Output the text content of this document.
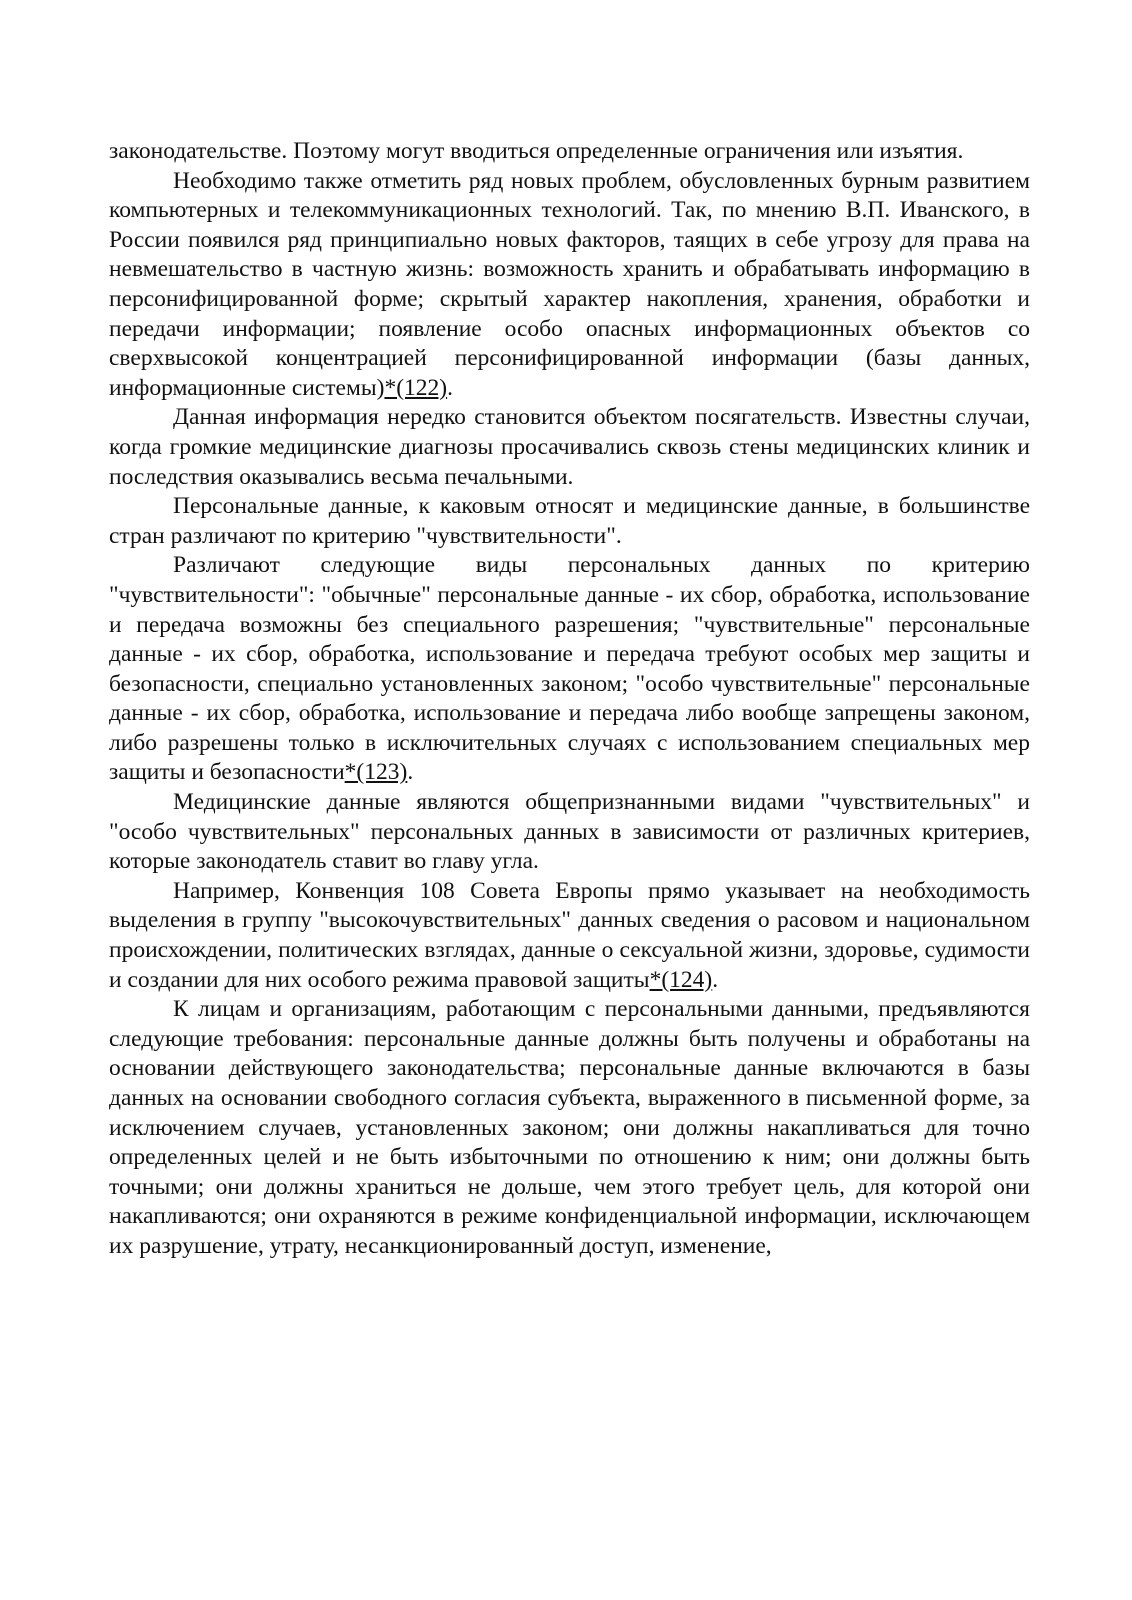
законодательстве. Поэтому могут вводиться определенные ограничения или изъятия.

Необходимо также отметить ряд новых проблем, обусловленных бурным развитием компьютерных и телекоммуникационных технологий. Так, по мнению В.П. Иванского, в России появился ряд принципиально новых факторов, таящих в себе угрозу для права на невмешательство в частную жизнь: возможность хранить и обрабатывать информацию в персонифицированной форме; скрытый характер накопления, хранения, обработки и передачи информации; появление особо опасных информационных объектов со сверхвысокой концентрацией персонифицированной информации (базы данных, информационные системы)*(122).

Данная информация нередко становится объектом посягательств. Известны случаи, когда громкие медицинские диагнозы просачивались сквозь стены медицинских клиник и последствия оказывались весьма печальными.

Персональные данные, к каковым относят и медицинские данные, в большинстве стран различают по критерию "чувствительности".

Различают следующие виды персональных данных по критерию "чувствительности": "обычные" персональные данные - их сбор, обработка, использование и передача возможны без специального разрешения; "чувствительные" персональные данные - их сбор, обработка, использование и передача требуют особых мер защиты и безопасности, специально установленных законом; "особо чувствительные" персональные данные - их сбор, обработка, использование и передача либо вообще запрещены законом, либо разрешены только в исключительных случаях с использованием специальных мер защиты и безопасности*(123).

Медицинские данные являются общепризнанными видами "чувствительных" и "особо чувствительных" персональных данных в зависимости от различных критериев, которые законодатель ставит во главу угла.

Например, Конвенция 108 Совета Европы прямо указывает на необходимость выделения в группу "высокочувствительных" данных сведения о расовом и национальном происхождении, политических взглядах, данные о сексуальной жизни, здоровье, судимости и создании для них особого режима правовой защиты*(124).

К лицам и организациям, работающим с персональными данными, предъявляются следующие требования: персональные данные должны быть получены и обработаны на основании действующего законодательства; персональные данные включаются в базы данных на основании свободного согласия субъекта, выраженного в письменной форме, за исключением случаев, установленных законом; они должны накапливаться для точно определенных целей и не быть избыточными по отношению к ним; они должны быть точными; они должны храниться не дольше, чем этого требует цель, для которой они накапливаются; они охраняются в режиме конфиденциальной информации, исключающем их разрушение, утрату, несанкционированный доступ, изменение,
